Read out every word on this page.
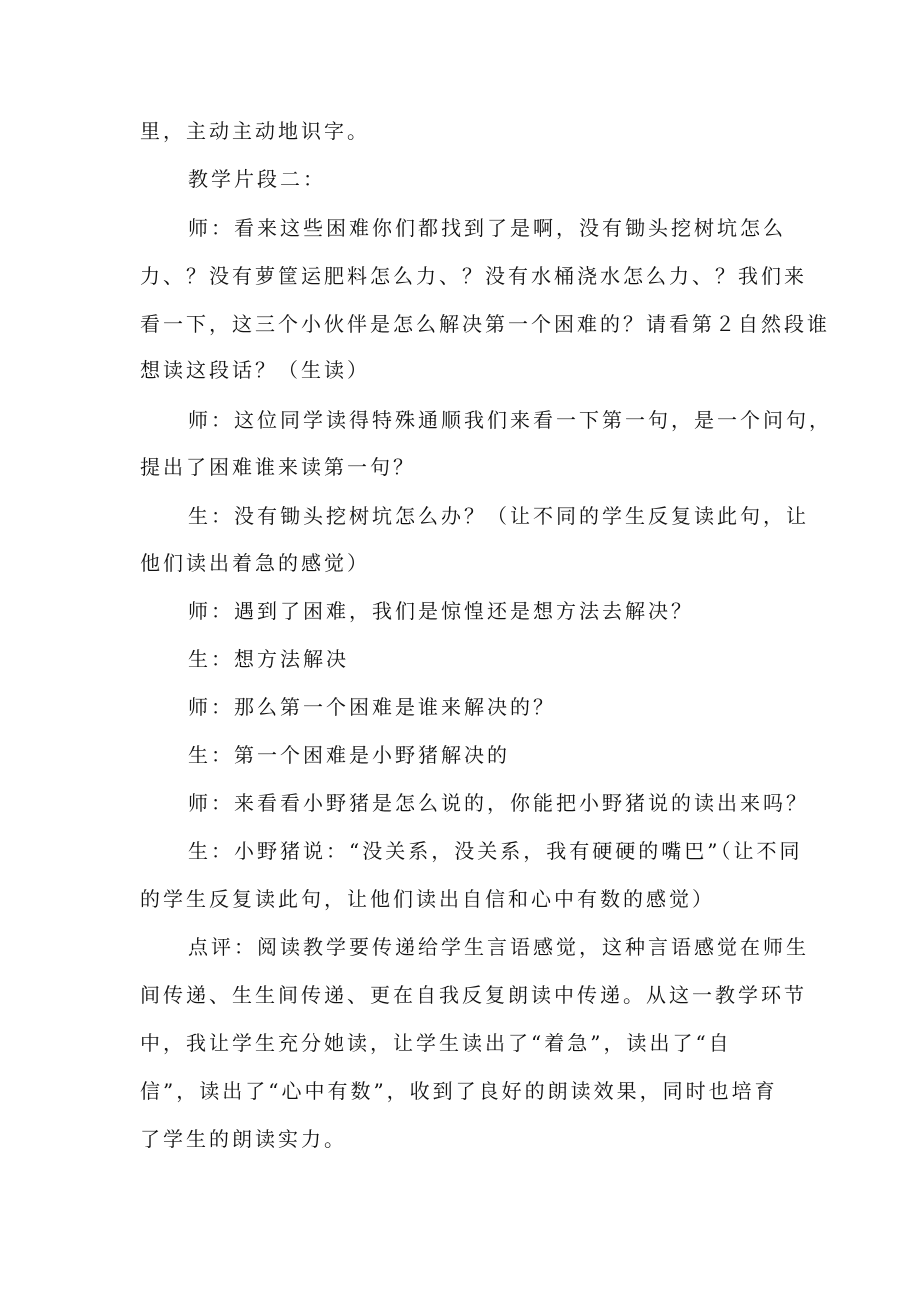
里，主动主动地识字。
教学片段二：
师：看来这些困难你们都找到了是啊，没有锄头挖树坑怎么
力、？没有萝筐运肥料怎么力、？没有水桶浇水怎么力、？我们来
看一下，这三个小伙伴是怎么解决第一个困难的？请看第２自然段谁
想读这段话？（生读）
师：这位同学读得特殊通顺我们来看一下第一句，是一个问句，
提出了困难谁来读第一句？
生：没有锄头挖树坑怎么办？（让不同的学生反复读此句，让
他们读出着急的感觉）
师：遇到了困难，我们是惊惶还是想方法去解决？
生：想方法解决
师：那么第一个困难是谁来解决的？
生：第一个困难是小野猪解决的
师：来看看小野猪是怎么说的，你能把小野猪说的读出来吗？
生：小野猪说：“没关系，没关系，我有硬硬的嘴巴”（让不同
的学生反复读此句，让他们读出自信和心中有数的感觉）
点评：阅读教学要传递给学生言语感觉，这种言语感觉在师生
间传递、生生间传递、更在自我反复朗读中传递。从这一教学环节
中，我让学生充分她读，让学生读出了“着急”，读出了“自
信”，读出了“心中有数”，收到了良好的朗读效果，同时也培育
了学生的朗读实力。
